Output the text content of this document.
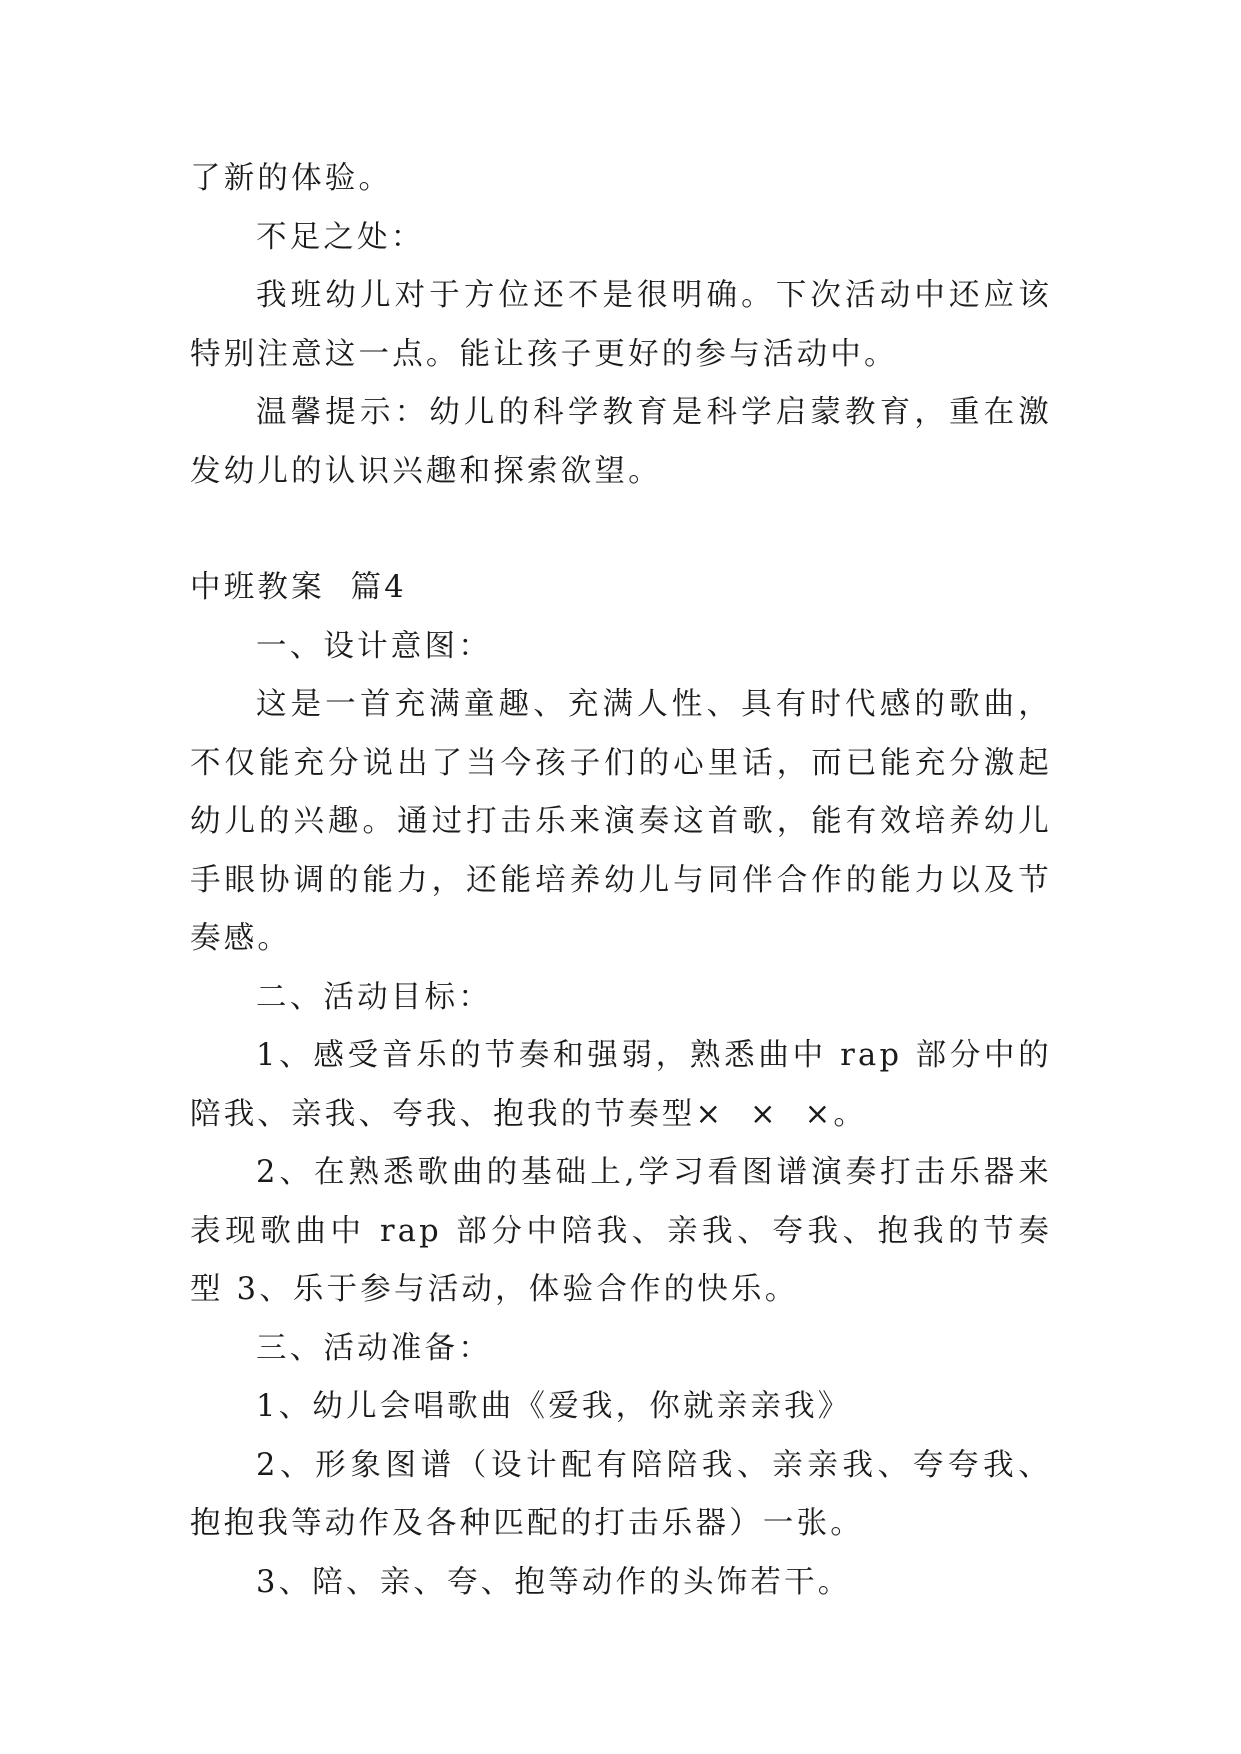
了新的体验。

不足之处：

我班幼儿对于方位还不是很明确。下次活动中还应该特别注意这一点。能让孩子更好的参与活动中。

温馨提示：幼儿的科学教育是科学启蒙教育，重在激发幼儿的认识兴趣和探索欲望。

中班教案  篇4

一、设计意图：

这是一首充满童趣、充满人性、具有时代感的歌曲，不仅能充分说出了当今孩子们的心里话，而已能充分激起幼儿的兴趣。通过打击乐来演奏这首歌，能有效培养幼儿手眼协调的能力，还能培养幼儿与同伴合作的能力以及节奏感。

二、活动目标：

1、感受音乐的节奏和强弱，熟悉曲中 rap 部分中的陪我、亲我、夸我、抱我的节奏型×  ×  ×。

2、在熟悉歌曲的基础上,学习看图谱演奏打击乐器来表现歌曲中 rap 部分中陪我、亲我、夸我、抱我的节奏型 3、乐于参与活动，体验合作的快乐。

三、活动准备：

1、幼儿会唱歌曲《爱我，你就亲亲我》

2、形象图谱（设计配有陪陪我、亲亲我、夸夸我、抱抱我等动作及各种匹配的打击乐器）一张。

3、陪、亲、夸、抱等动作的头饰若干。
